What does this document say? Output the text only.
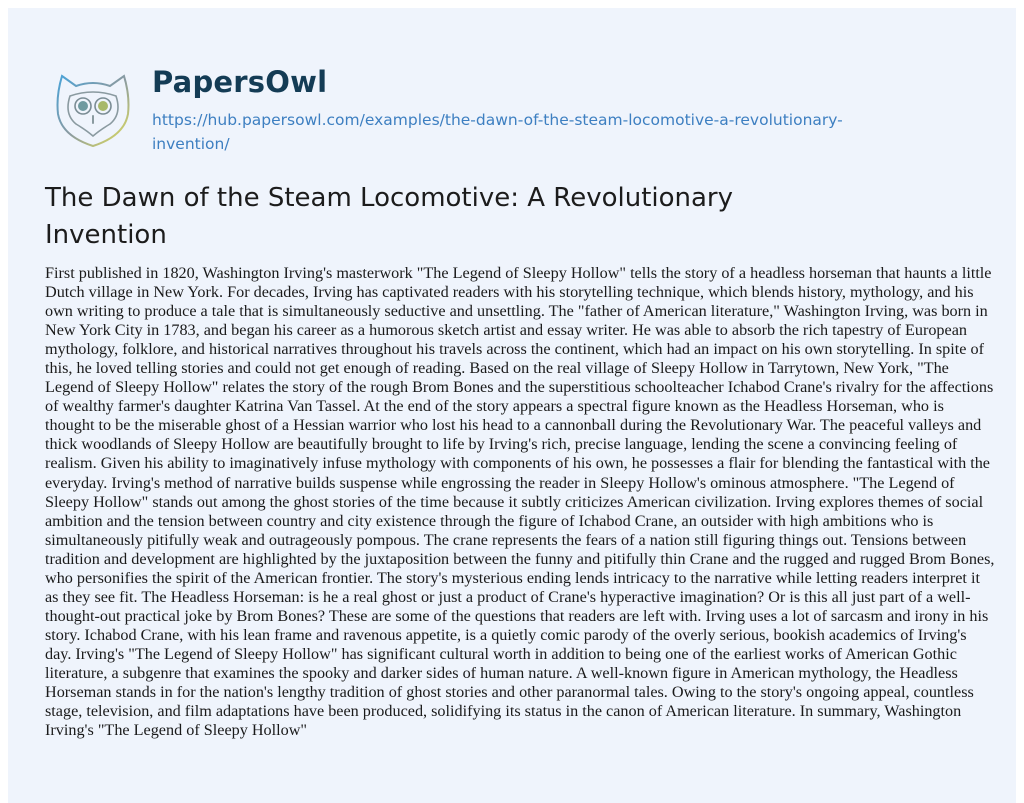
PapersOwl
https://hub.papersowl.com/examples/the-dawn-of-the-steam-locomotive-a-revolutionary-invention/
The Dawn of the Steam Locomotive: A Revolutionary Invention

First published in 1820, Washington Irving's masterwork "The Legend of Sleepy Hollow" tells the story of a headless horseman that haunts a little Dutch village in New York. For decades, Irving has captivated readers with his storytelling technique, which blends history, mythology, and his own writing to produce a tale that is simultaneously seductive and unsettling. The "father of American literature," Washington Irving, was born in New York City in 1783, and began his career as a humorous sketch artist and essay writer. He was able to absorb the rich tapestry of European mythology, folklore, and historical narratives throughout his travels across the continent, which had an impact on his own storytelling. In spite of this, he loved telling stories and could not get enough of reading. Based on the real village of Sleepy Hollow in Tarrytown, New York, "The Legend of Sleepy Hollow" relates the story of the rough Brom Bones and the superstitious schoolteacher Ichabod Crane's rivalry for the affections of wealthy farmer's daughter Katrina Van Tassel. At the end of the story appears a spectral figure known as the Headless Horseman, who is thought to be the miserable ghost of a Hessian warrior who lost his head to a cannonball during the Revolutionary War. The peaceful valleys and thick woodlands of Sleepy Hollow are beautifully brought to life by Irving's rich, precise language, lending the scene a convincing feeling of realism. Given his ability to imaginatively infuse mythology with components of his own, he possesses a flair for blending the fantastical with the everyday. Irving's method of narrative builds suspense while engrossing the reader in Sleepy Hollow's ominous atmosphere. "The Legend of Sleepy Hollow" stands out among the ghost stories of the time because it subtly criticizes American civilization. Irving explores themes of social ambition and the tension between country and city existence through the figure of Ichabod Crane, an outsider with high ambitions who is simultaneously pitifully weak and outrageously pompous. The crane represents the fears of a nation still figuring things out. Tensions between tradition and development are highlighted by the juxtaposition between the funny and pitifully thin Crane and the rugged and rugged Brom Bones, who personifies the spirit of the American frontier. The story's mysterious ending lends intricacy to the narrative while letting readers interpret it as they see fit. The Headless Horseman: is he a real ghost or just a product of Crane's hyperactive imagination? Or is this all just part of a well-thought-out practical joke by Brom Bones? These are some of the questions that readers are left with. Irving uses a lot of sarcasm and irony in his story. Ichabod Crane, with his lean frame and ravenous appetite, is a quietly comic parody of the overly serious, bookish academics of Irving's day. Irving's "The Legend of Sleepy Hollow" has significant cultural worth in addition to being one of the earliest works of American Gothic literature, a subgenre that examines the spooky and darker sides of human nature. A well-known figure in American mythology, the Headless Horseman stands in for the nation's lengthy tradition of ghost stories and other paranormal tales. Owing to the story's ongoing appeal, countless stage, television, and film adaptations have been produced, solidifying its status in the canon of American literature. In summary, Washington Irving's "The Legend of Sleepy Hollow"
